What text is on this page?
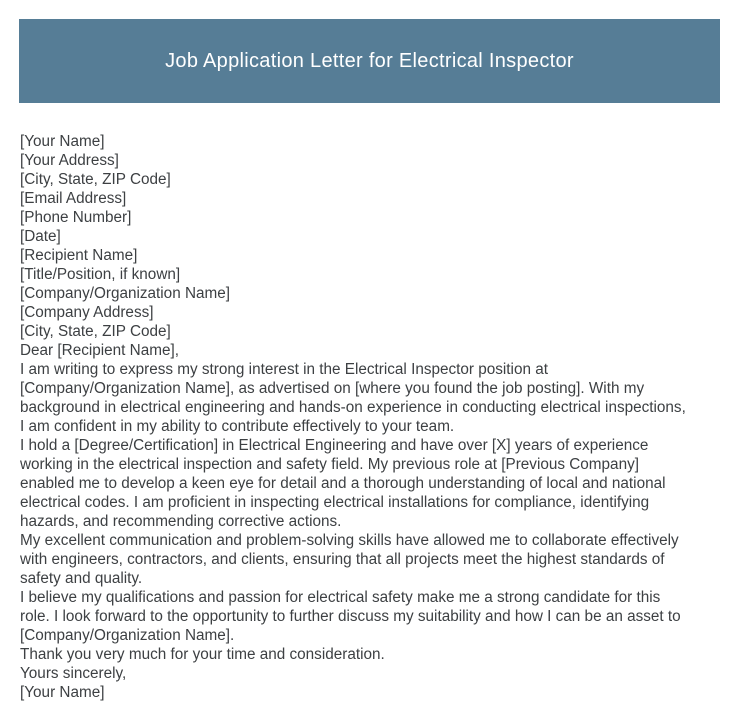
Job Application Letter for Electrical Inspector
[Your Name]
[Your Address]
[City, State, ZIP Code]
[Email Address]
[Phone Number]
[Date]
[Recipient Name]
[Title/Position, if known]
[Company/Organization Name]
[Company Address]
[City, State, ZIP Code]
Dear [Recipient Name],
I am writing to express my strong interest in the Electrical Inspector position at
[Company/Organization Name], as advertised on [where you found the job posting]. With my
background in electrical engineering and hands-on experience in conducting electrical inspections,
I am confident in my ability to contribute effectively to your team.
I hold a [Degree/Certification] in Electrical Engineering and have over [X] years of experience
working in the electrical inspection and safety field. My previous role at [Previous Company]
enabled me to develop a keen eye for detail and a thorough understanding of local and national
electrical codes. I am proficient in inspecting electrical installations for compliance, identifying
hazards, and recommending corrective actions.
My excellent communication and problem-solving skills have allowed me to collaborate effectively
with engineers, contractors, and clients, ensuring that all projects meet the highest standards of
safety and quality.
I believe my qualifications and passion for electrical safety make me a strong candidate for this
role. I look forward to the opportunity to further discuss my suitability and how I can be an asset to
[Company/Organization Name].
Thank you very much for your time and consideration.
Yours sincerely,
[Your Name]
